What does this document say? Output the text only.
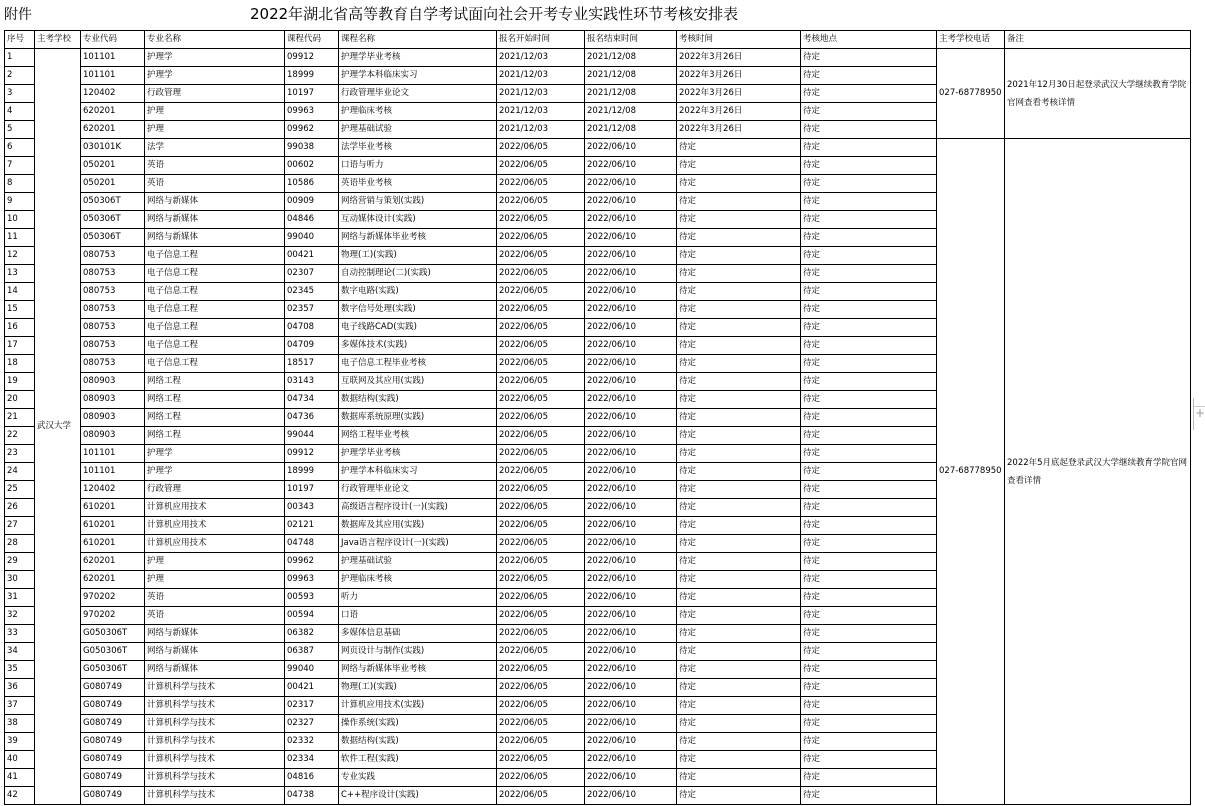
附件	2022年湖北省高等教育自学考试面向社会开考专业实践性环节考核安排表
序号	主考学校	专业代码	专业名称	课程代码	课程名称	报名开始时间	报名结束时间	考核时间	考核地点	主考学校电话	备注
1	武汉大学	101101	护理学	09912	护理学毕业考核	2021/12/03	2021/12/08	2022年3月26日	待定	027-68778950	2021年12月30日起登录武汉大学继续教育学院官网查看考核详情
2		101101	护理学	18999	护理学本科临床实习	2021/12/03	2021/12/08	2022年3月26日	待定		
3		120402	行政管理	10197	行政管理毕业论文	2021/12/03	2021/12/08	2022年3月26日	待定		
4		620201	护理	09963	护理临床考核	2021/12/03	2021/12/08	2022年3月26日	待定		
5		620201	护理	09962	护理基础试验	2021/12/03	2021/12/08	2022年3月26日	待定		
6		030101K	法学	99038	法学毕业考核	2022/06/05	2022/06/10	待定	待定	027-68778950	2022年5月底起登录武汉大学继续教育学院官网查看详情
7		050201	英语	00602	口语与听力	2022/06/05	2022/06/10	待定	待定		
8		050201	英语	10586	英语毕业考核	2022/06/05	2022/06/10	待定	待定		
9		050306T	网络与新媒体	00909	网络营销与策划(实践)	2022/06/05	2022/06/10	待定	待定		
10		050306T	网络与新媒体	04846	互动媒体设计(实践)	2022/06/05	2022/06/10	待定	待定		
11		050306T	网络与新媒体	99040	网络与新媒体毕业考核	2022/06/05	2022/06/10	待定	待定		
12		080753	电子信息工程	00421	物理(工)(实践)	2022/06/05	2022/06/10	待定	待定		
13		080753	电子信息工程	02307	自动控制理论(二)(实践)	2022/06/05	2022/06/10	待定	待定		
14		080753	电子信息工程	02345	数字电路(实践)	2022/06/05	2022/06/10	待定	待定		
15		080753	电子信息工程	02357	数字信号处理(实践)	2022/06/05	2022/06/10	待定	待定		
16		080753	电子信息工程	04708	电子线路CAD(实践)	2022/06/05	2022/06/10	待定	待定		
17		080753	电子信息工程	04709	多媒体技术(实践)	2022/06/05	2022/06/10	待定	待定		
18		080753	电子信息工程	18517	电子信息工程毕业考核	2022/06/05	2022/06/10	待定	待定		
19		080903	网络工程	03143	互联网及其应用(实践)	2022/06/05	2022/06/10	待定	待定		
20		080903	网络工程	04734	数据结构(实践)	2022/06/05	2022/06/10	待定	待定		
21		080903	网络工程	04736	数据库系统原理(实践)	2022/06/05	2022/06/10	待定	待定		
22		080903	网络工程	99044	网络工程毕业考核	2022/06/05	2022/06/10	待定	待定		
23		101101	护理学	09912	护理学毕业考核	2022/06/05	2022/06/10	待定	待定		
24		101101	护理学	18999	护理学本科临床实习	2022/06/05	2022/06/10	待定	待定		
25		120402	行政管理	10197	行政管理毕业论文	2022/06/05	2022/06/10	待定	待定		
26		610201	计算机应用技术	00343	高级语言程序设计(一)(实践)	2022/06/05	2022/06/10	待定	待定		
27		610201	计算机应用技术	02121	数据库及其应用(实践)	2022/06/05	2022/06/10	待定	待定		
28		610201	计算机应用技术	04748	Java语言程序设计(一)(实践)	2022/06/05	2022/06/10	待定	待定		
29		620201	护理	09962	护理基础试验	2022/06/05	2022/06/10	待定	待定		
30		620201	护理	09963	护理临床考核	2022/06/05	2022/06/10	待定	待定		
31		970202	英语	00593	听力	2022/06/05	2022/06/10	待定	待定		
32		970202	英语	00594	口语	2022/06/05	2022/06/10	待定	待定		
33		G050306T	网络与新媒体	06382	多媒体信息基础	2022/06/05	2022/06/10	待定	待定		
34		G050306T	网络与新媒体	06387	网页设计与制作(实践)	2022/06/05	2022/06/10	待定	待定		
35		G050306T	网络与新媒体	99040	网络与新媒体毕业考核	2022/06/05	2022/06/10	待定	待定		
36		G080749	计算机科学与技术	00421	物理(工)(实践)	2022/06/05	2022/06/10	待定	待定		
37		G080749	计算机科学与技术	02317	计算机应用技术(实践)	2022/06/05	2022/06/10	待定	待定		
38		G080749	计算机科学与技术	02327	操作系统(实践)	2022/06/05	2022/06/10	待定	待定		
39		G080749	计算机科学与技术	02332	数据结构(实践)	2022/06/05	2022/06/10	待定	待定		
40		G080749	计算机科学与技术	02334	软件工程(实践)	2022/06/05	2022/06/10	待定	待定		
41		G080749	计算机科学与技术	04816	专业实践	2022/06/05	2022/06/10	待定	待定		
42		G080749	计算机科学与技术	04738	C++程序设计(实践)	2022/06/05	2022/06/10	待定	待定		

+
